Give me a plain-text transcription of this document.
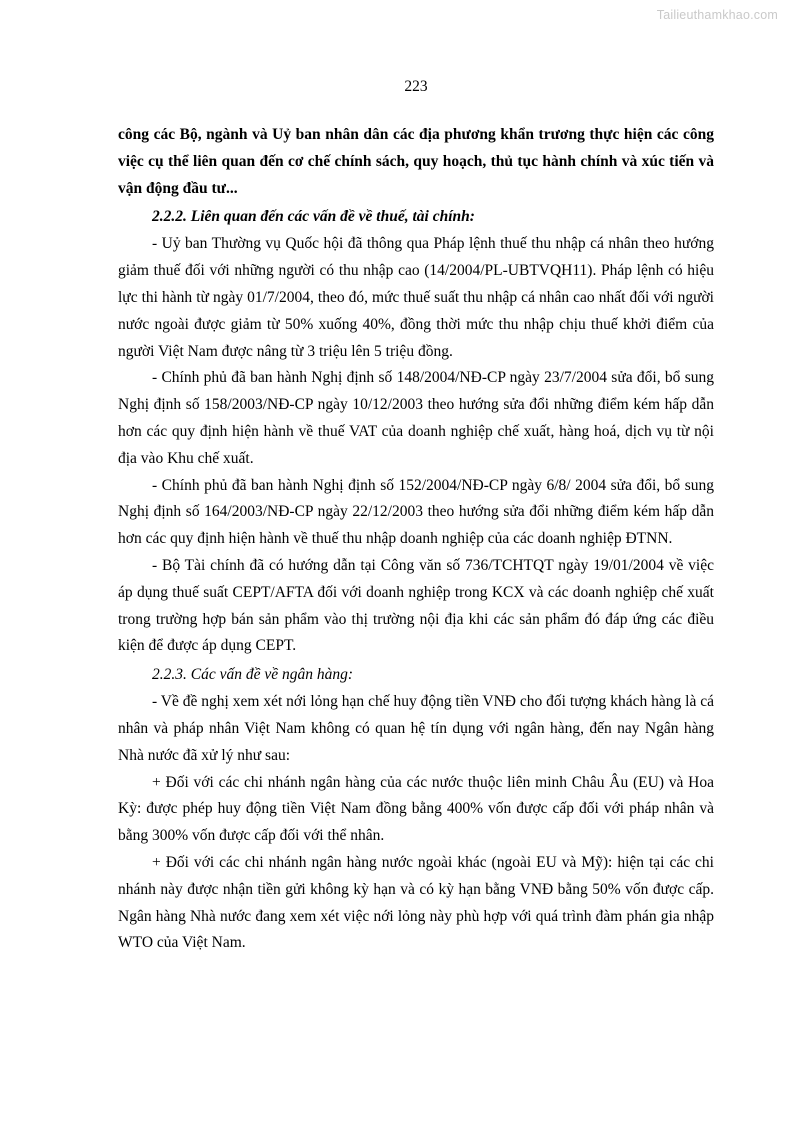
Tailieuthamkhao.com
223

công các Bộ, ngành và Uỷ ban nhân dân các địa phương khẩn trương thực hiện các công việc cụ thể liên quan đến cơ chế chính sách, quy hoạch, thủ tục hành chính và xúc tiến và vận động đầu tư...

2.2.2. Liên quan đến các vấn đề về thuế, tài chính:

- Uỷ ban Thường vụ Quốc hội đã thông qua Pháp lệnh thuế thu nhập cá nhân theo hướng giảm thuế đối với những người có thu nhập cao (14/2004/PL-UBTVQH11). Pháp lệnh có hiệu lực thi hành từ ngày 01/7/2004, theo đó, mức thuế suất thu nhập cá nhân cao nhất đối với người nước ngoài được giảm từ 50% xuống 40%, đồng thời mức thu nhập chịu thuế khởi điểm của người Việt Nam được nâng từ 3 triệu lên 5 triệu đồng.

- Chính phủ đã ban hành Nghị định số 148/2004/NĐ-CP ngày 23/7/2004 sửa đổi, bổ sung Nghị định số 158/2003/NĐ-CP ngày 10/12/2003 theo hướng sửa đổi những điểm kém hấp dẫn hơn các quy định hiện hành về thuế VAT của doanh nghiệp chế xuất, hàng hoá, dịch vụ từ nội địa vào Khu chế xuất.

- Chính phủ đã ban hành Nghị định số 152/2004/NĐ-CP ngày 6/8/ 2004 sửa đổi, bổ sung Nghị định số 164/2003/NĐ-CP ngày 22/12/2003 theo hướng sửa đổi những điểm kém hấp dẫn hơn các quy định hiện hành về thuế thu nhập doanh nghiệp của các doanh nghiệp ĐTNN.

- Bộ Tài chính đã có hướng dẫn tại Công văn số 736/TCHTQT ngày 19/01/2004 về việc áp dụng thuế suất CEPT/AFTA đối với doanh nghiệp trong KCX và các doanh nghiệp chế xuất trong trường hợp bán sản phẩm vào thị trường nội địa khi các sản phẩm đó đáp ứng các điều kiện để được áp dụng CEPT.

2.2.3. Các vấn đề về ngân hàng:

- Về đề nghị xem xét nới lỏng hạn chế huy động tiền VNĐ cho đối tượng khách hàng là cá nhân và pháp nhân Việt Nam không có quan hệ tín dụng với ngân hàng, đến nay Ngân hàng Nhà nước đã xử lý như sau:

+ Đối với các chi nhánh ngân hàng của các nước thuộc liên minh Châu Âu (EU) và Hoa Kỳ: được phép huy động tiền Việt Nam đồng bằng 400% vốn được cấp đối với pháp nhân và bằng 300% vốn được cấp đối với thể nhân.

+ Đối với các chi nhánh ngân hàng nước ngoài khác (ngoài EU và Mỹ): hiện tại các chi nhánh này được nhận tiền gửi không kỳ hạn và có kỳ hạn bằng VNĐ bằng 50% vốn được cấp. Ngân hàng Nhà nước đang xem xét việc nới lỏng này phù hợp với quá trình đàm phán gia nhập WTO của Việt Nam.
